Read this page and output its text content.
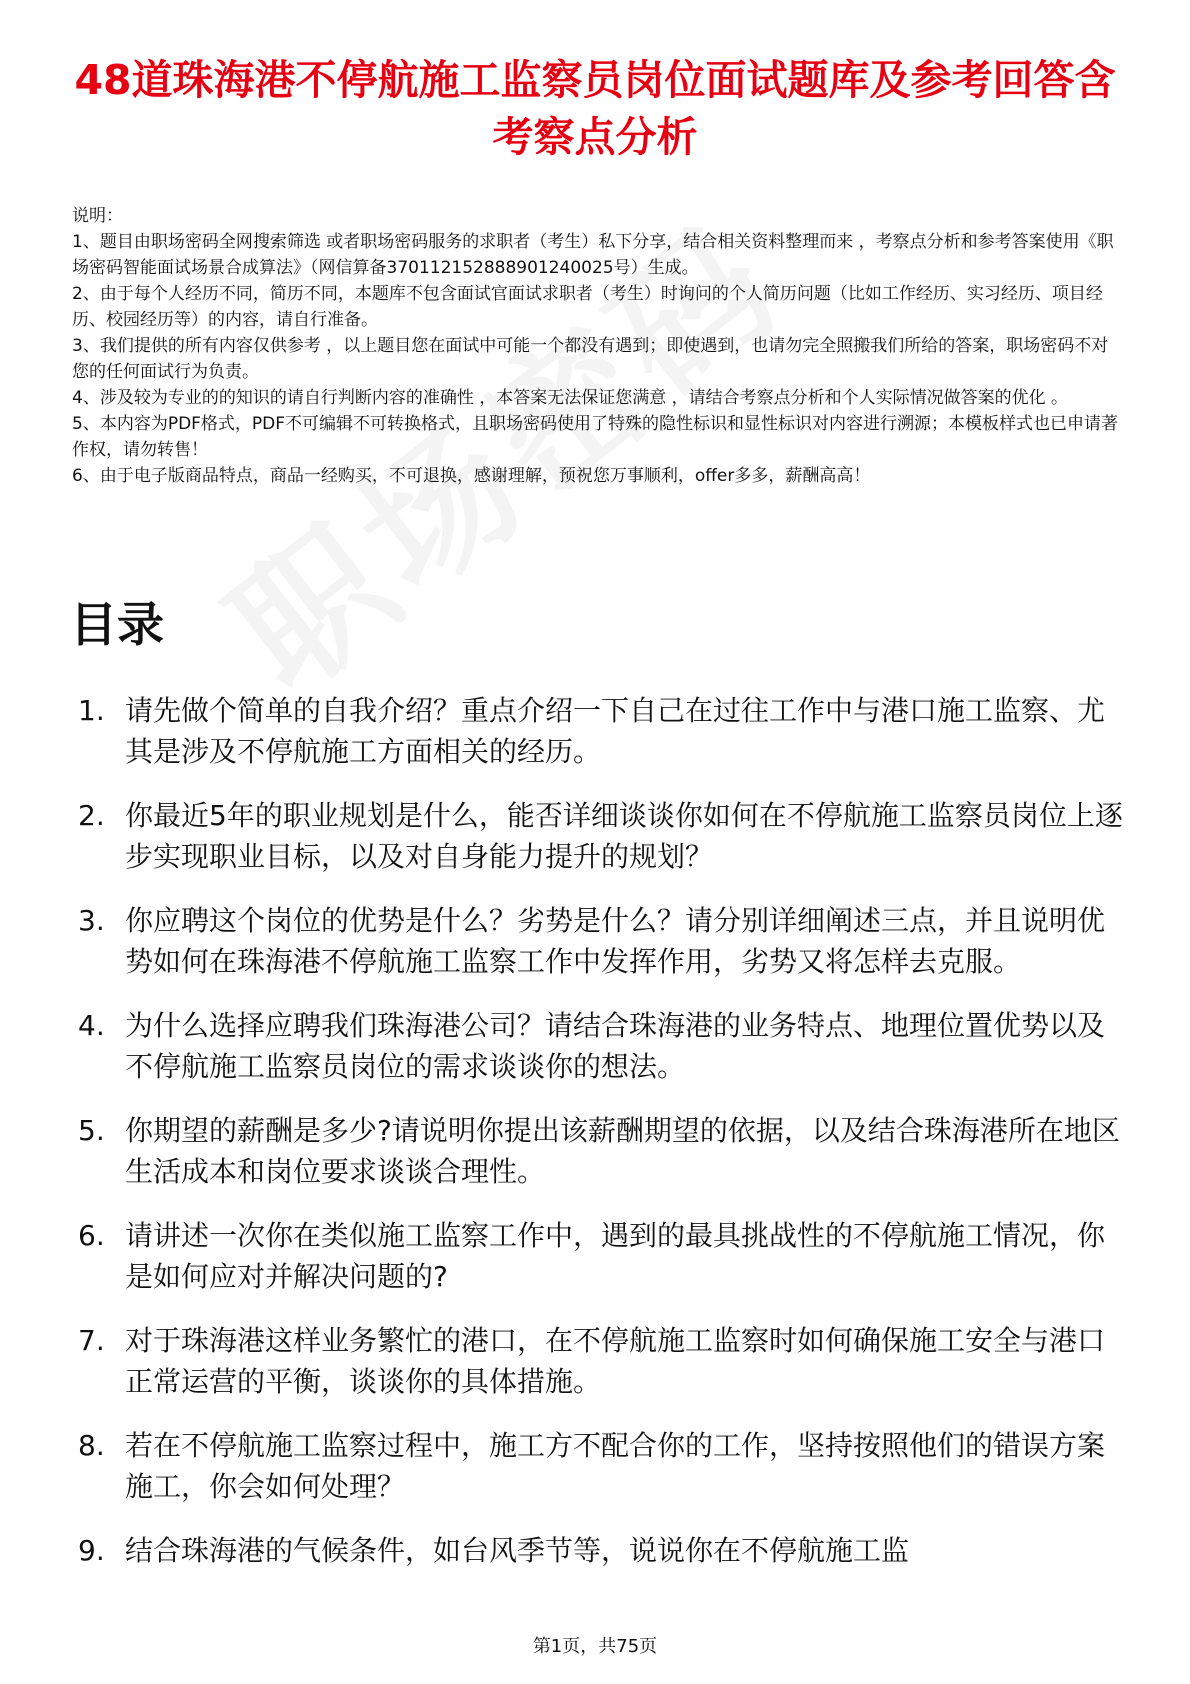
48道珠海港不停航施工监察员岗位面试题库及参考回答含考察点分析
说明：
1、题目由职场密码全网搜索筛选 或者职场密码服务的求职者（考生）私下分享，结合相关资料整理而来 ，考察点分析和参考答案使用《职场密码智能面试场景合成算法》（网信算备370112152888901240025号）生成。
2、由于每个人经历不同，简历不同，本题库不包含面试官面试求职者（考生）时询问的个人简历问题（比如工作经历、实习经历、项目经历、校园经历等）的内容，请自行准备。
3、我们提供的所有内容仅供参考 ，以上题目您在面试中可能一个都没有遇到；即使遇到，也请勿完全照搬我们所给的答案，职场密码不对您的任何面试行为负责。
4、涉及较为专业的的知识的请自行判断内容的准确性 ，本答案无法保证您满意 ，请结合考察点分析和个人实际情况做答案的优化 。
5、本内容为PDF格式，PDF不可编辑不可转换格式，且职场密码使用了特殊的隐性标识和显性标识对内容进行溯源；本模板样式也已申请著作权，请勿转售！
6、由于电子版商品特点，商品一经购买，不可退换，感谢理解，预祝您万事顺利，offer多多，薪酬高高！
目录
1. 请先做个简单的自我介绍？重点介绍一下自己在过往工作中与港口施工监察、尤其是涉及不停航施工方面相关的经历。
2. 你最近5年的职业规划是什么，能否详细谈谈你如何在不停航施工监察员岗位上逐步实现职业目标，以及对自身能力提升的规划？
3. 你应聘这个岗位的优势是什么？劣势是什么？请分别详细阐述三点，并且说明优势如何在珠海港不停航施工监察工作中发挥作用，劣势又将怎样去克服。
4. 为什么选择应聘我们珠海港公司？请结合珠海港的业务特点、地理位置优势以及不停航施工监察员岗位的需求谈谈你的想法。
5. 你期望的薪酬是多少?请说明你提出该薪酬期望的依据，以及结合珠海港所在地区生活成本和岗位要求谈谈合理性。
6. 请讲述一次你在类似施工监察工作中，遇到的最具挑战性的不停航施工情况，你是如何应对并解决问题的?
7. 对于珠海港这样业务繁忙的港口，在不停航施工监察时如何确保施工安全与港口正常运营的平衡，谈谈你的具体措施。
8. 若在不停航施工监察过程中，施工方不配合你的工作，坚持按照他们的错误方案施工，你会如何处理？
9. 结合珠海港的气候条件，如台风季节等，说说你在不停航施工监
第1页，共75页
